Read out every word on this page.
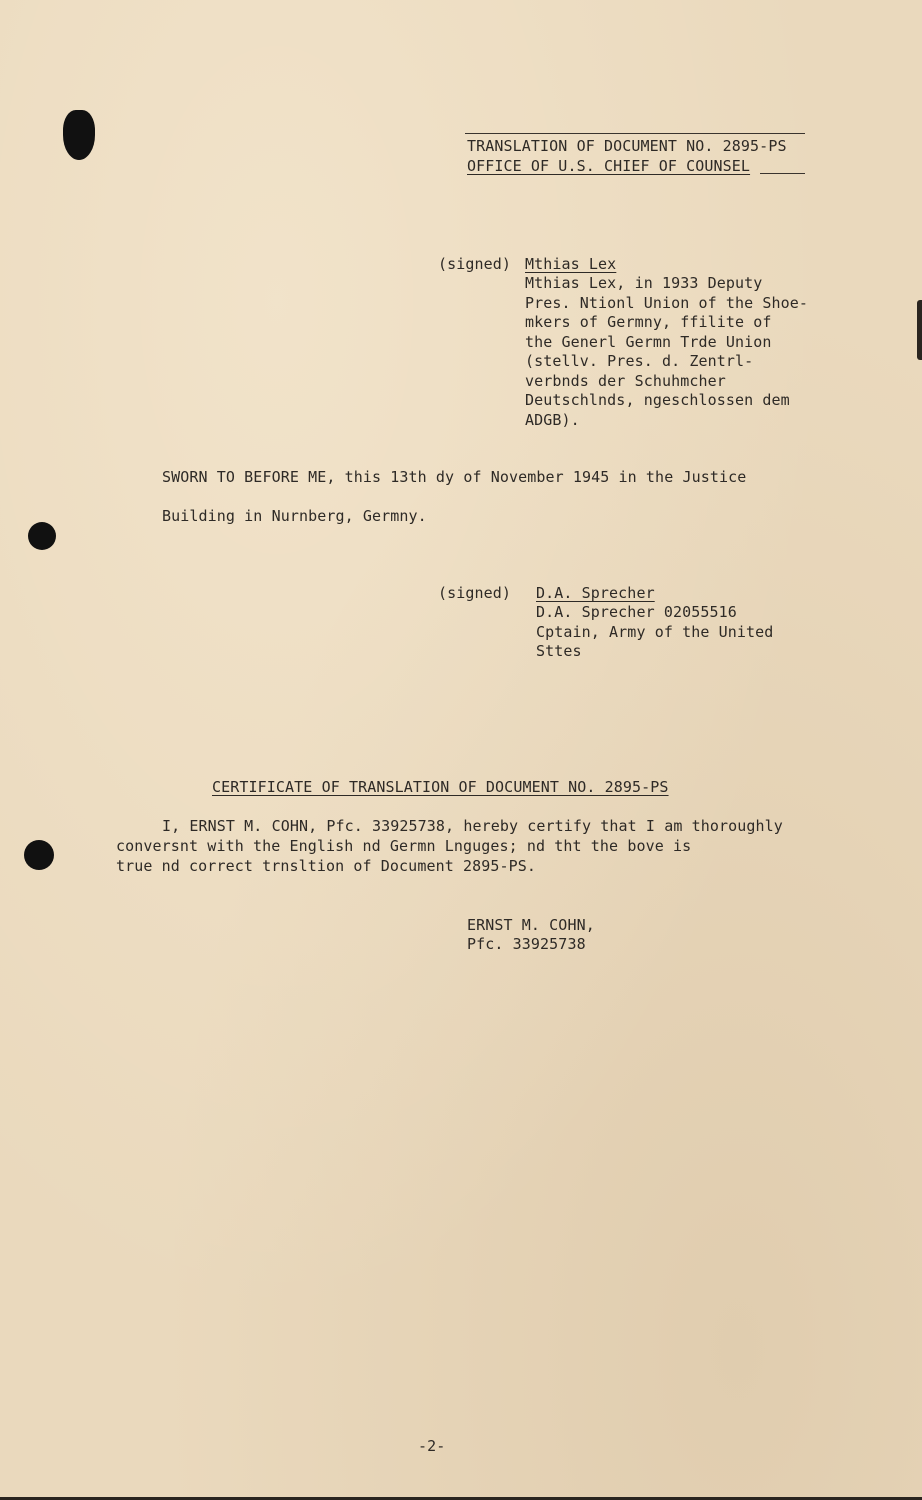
TRANSLATION OF DOCUMENT NO. 2895-PS
OFFICE OF U.S. CHIEF OF COUNSEL
(signed) Mthias Lex
Mthias Lex, in 1933 Deputy
Pres. Ntionl Union of the Shoe-
mkers of Germny, ffilite of
the Generl Germn Trde Union
(stellv. Pres. d. Zentrl-
verbnds der Schuhmcher
Deutschlnds, ngeschlossen dem
ADGB).
SWORN TO BEFORE ME, this 13th dy of November 1945 in the Justice
Building in Nurnberg, Germny.
(signed) D.A. Sprecher
D.A. Sprecher 02055516
Cptain, Army of the United
Sttes
CERTIFICATE OF TRANSLATION OF DOCUMENT NO. 2895-PS
I, ERNST M. COHN, Pfc. 33925738, hereby certify that I am thoroughly
conversnt with the English nd Germn Lnguges; nd tht the bove is
true nd correct trnsltion of Document 2895-PS.
ERNST M. COHN,
Pfc. 33925738
-2-
